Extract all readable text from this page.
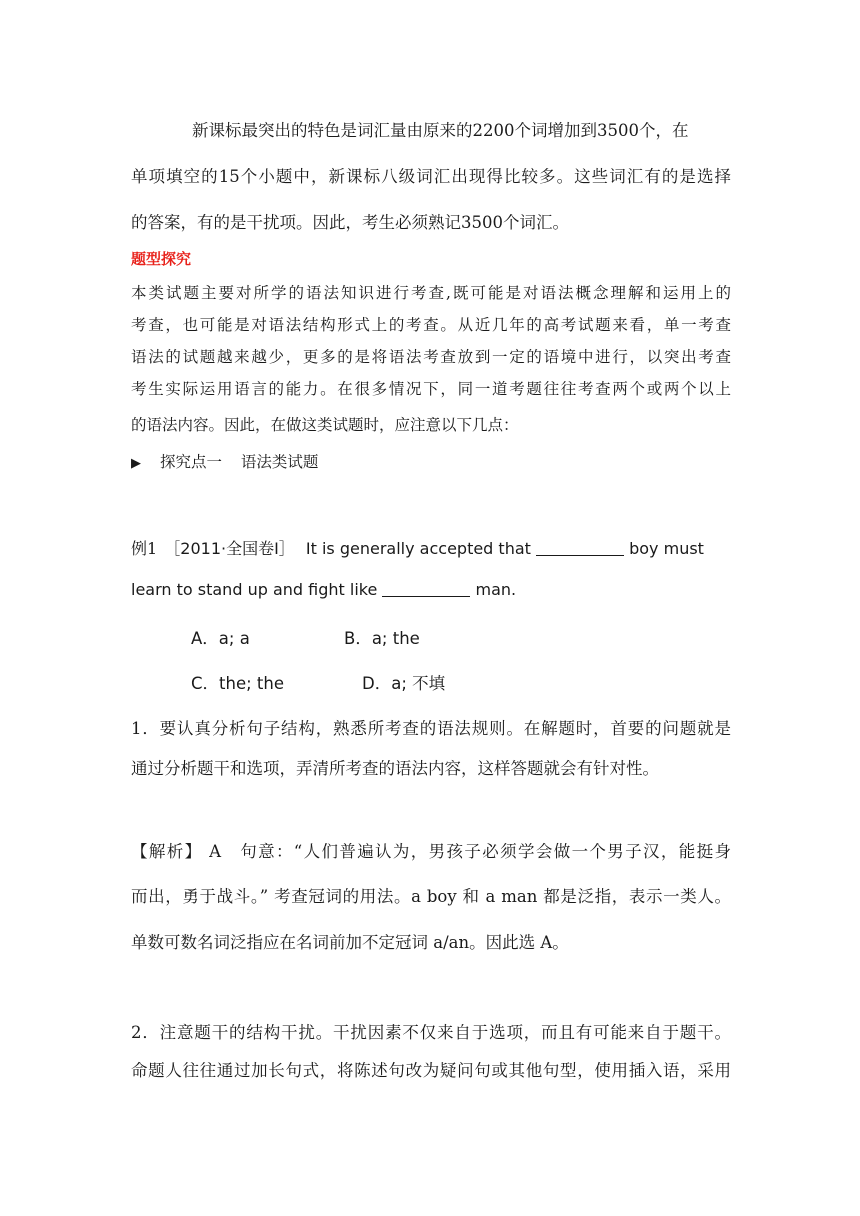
新课标最突出的特色是词汇量由原来的2200个词增加到3500个，在
单项填空的15个小题中，新课标八级词汇出现得比较多。这些词汇有的是选择
的答案，有的是干扰项。因此，考生必须熟记3500个词汇。
题型探究
本类试题主要对所学的语法知识进行考查,既可能是对语法概念理解和运用上的
考查，也可能是对语法结构形式上的考查。从近几年的高考试题来看，单一考查
语法的试题越来越少，更多的是将语法考查放到一定的语境中进行，以突出考查
考生实际运用语言的能力。在很多情况下，同一道考题往往考查两个或两个以上
的语法内容。因此，在做这类试题时，应注意以下几点：
▶ 探究点一 语法类试题
例1 ［2011·全国卷Ⅰ］ It is generally accepted that	boy must
learn to stand up and fight like	man.
A．a; a	B．a; the
C．the; the	D．a; 不填
1．要认真分析句子结构，熟悉所考查的语法规则。在解题时，首要的问题就是
通过分析题干和选项，弄清所考查的语法内容，这样答题就会有针对性。
【解析】 A　句意：“人们普遍认为，男孩子必须学会做一个男子汉，能挺身
而出，勇于战斗。” 考查冠词的用法。a boy 和 a man 都是泛指，表示一类人。
单数可数名词泛指应在名词前加不定冠词 a/an。因此选 A。
2．注意题干的结构干扰。干扰因素不仅来自于选项，而且有可能来自于题干。
命题人往往通过加长句式，将陈述句改为疑问句或其他句型，使用插入语，采用
